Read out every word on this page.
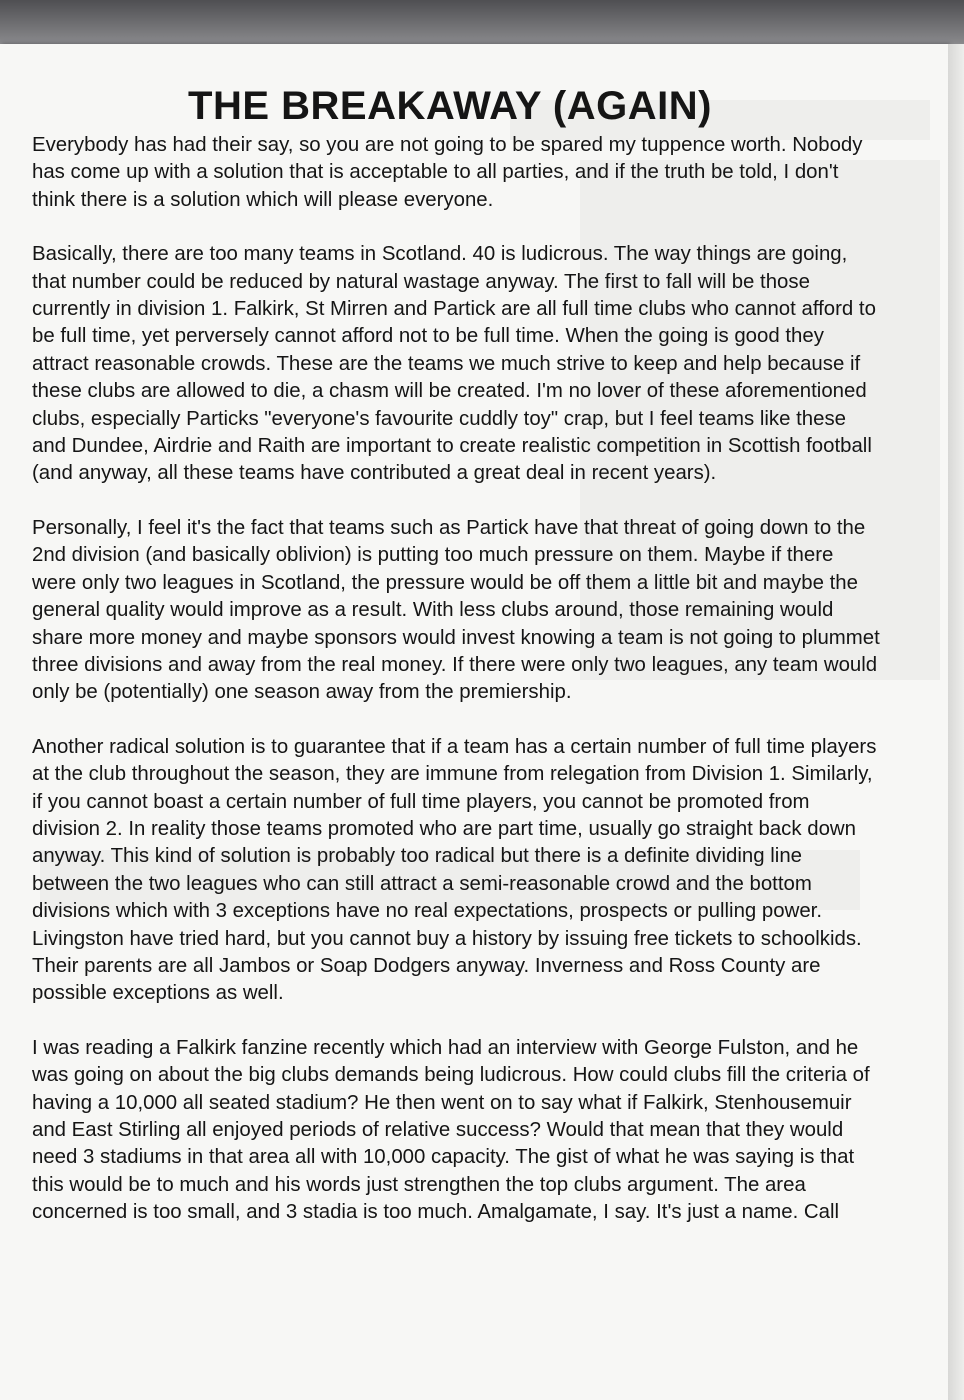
THE BREAKAWAY (AGAIN)

Everybody has had their say, so you are not going to be spared my tuppence worth. Nobody has come up with a solution that is acceptable to all parties, and if the truth be told, I don't think there is a solution which will please everyone.

Basically, there are too many teams in Scotland. 40 is ludicrous. The way things are going, that number could be reduced by natural wastage anyway. The first to fall will be those currently in division 1. Falkirk, St Mirren and Partick are all full time clubs who cannot afford to be full time, yet perversely cannot afford not to be full time. When the going is good they attract reasonable crowds. These are the teams we much strive to keep and help because if these clubs are allowed to die, a chasm will be created. I'm no lover of these aforementioned clubs, especially Particks "everyone's favourite cuddly toy" crap, but I feel teams like these and Dundee, Airdrie and Raith are important to create realistic competition in Scottish football (and anyway, all these teams have contributed a great deal in recent years).

Personally, I feel it's the fact that teams such as Partick have that threat of going down to the 2nd division (and basically oblivion) is putting too much pressure on them. Maybe if there were only two leagues in Scotland, the pressure would be off them a little bit and maybe the general quality would improve as a result. With less clubs around, those remaining would share more money and maybe sponsors would invest knowing a team is not going to plummet three divisions and away from the real money. If there were only two leagues, any team would only be (potentially) one season away from the premiership.

Another radical solution is to guarantee that if a team has a certain number of full time players at the club throughout the season, they are immune from relegation from Division 1. Similarly, if you cannot boast a certain number of full time players, you cannot be promoted from division 2. In reality those teams promoted who are part time, usually go straight back down anyway. This kind of solution is probably too radical but there is a definite dividing line between the two leagues who can still attract a semi-reasonable crowd and the bottom divisions which with 3 exceptions have no real expectations, prospects or pulling power. Livingston have tried hard, but you cannot buy a history by issuing free tickets to schoolkids. Their parents are all Jambos or Soap Dodgers anyway. Inverness and Ross County are possible exceptions as well.

I was reading a Falkirk fanzine recently which had an interview with George Fulston, and he was going on about the big clubs demands being ludicrous. How could clubs fill the criteria of having a 10,000 all seated stadium? He then went on to say what if Falkirk, Stenhousemuir and East Stirling all enjoyed periods of relative success? Would that mean that they would need 3 stadiums in that area all with 10,000 capacity. The gist of what he was saying is that this would be to much and his words just strengthen the top clubs argument. The area concerned is too small, and 3 stadia is too much. Amalgamate, I say. It's just a name. Call
